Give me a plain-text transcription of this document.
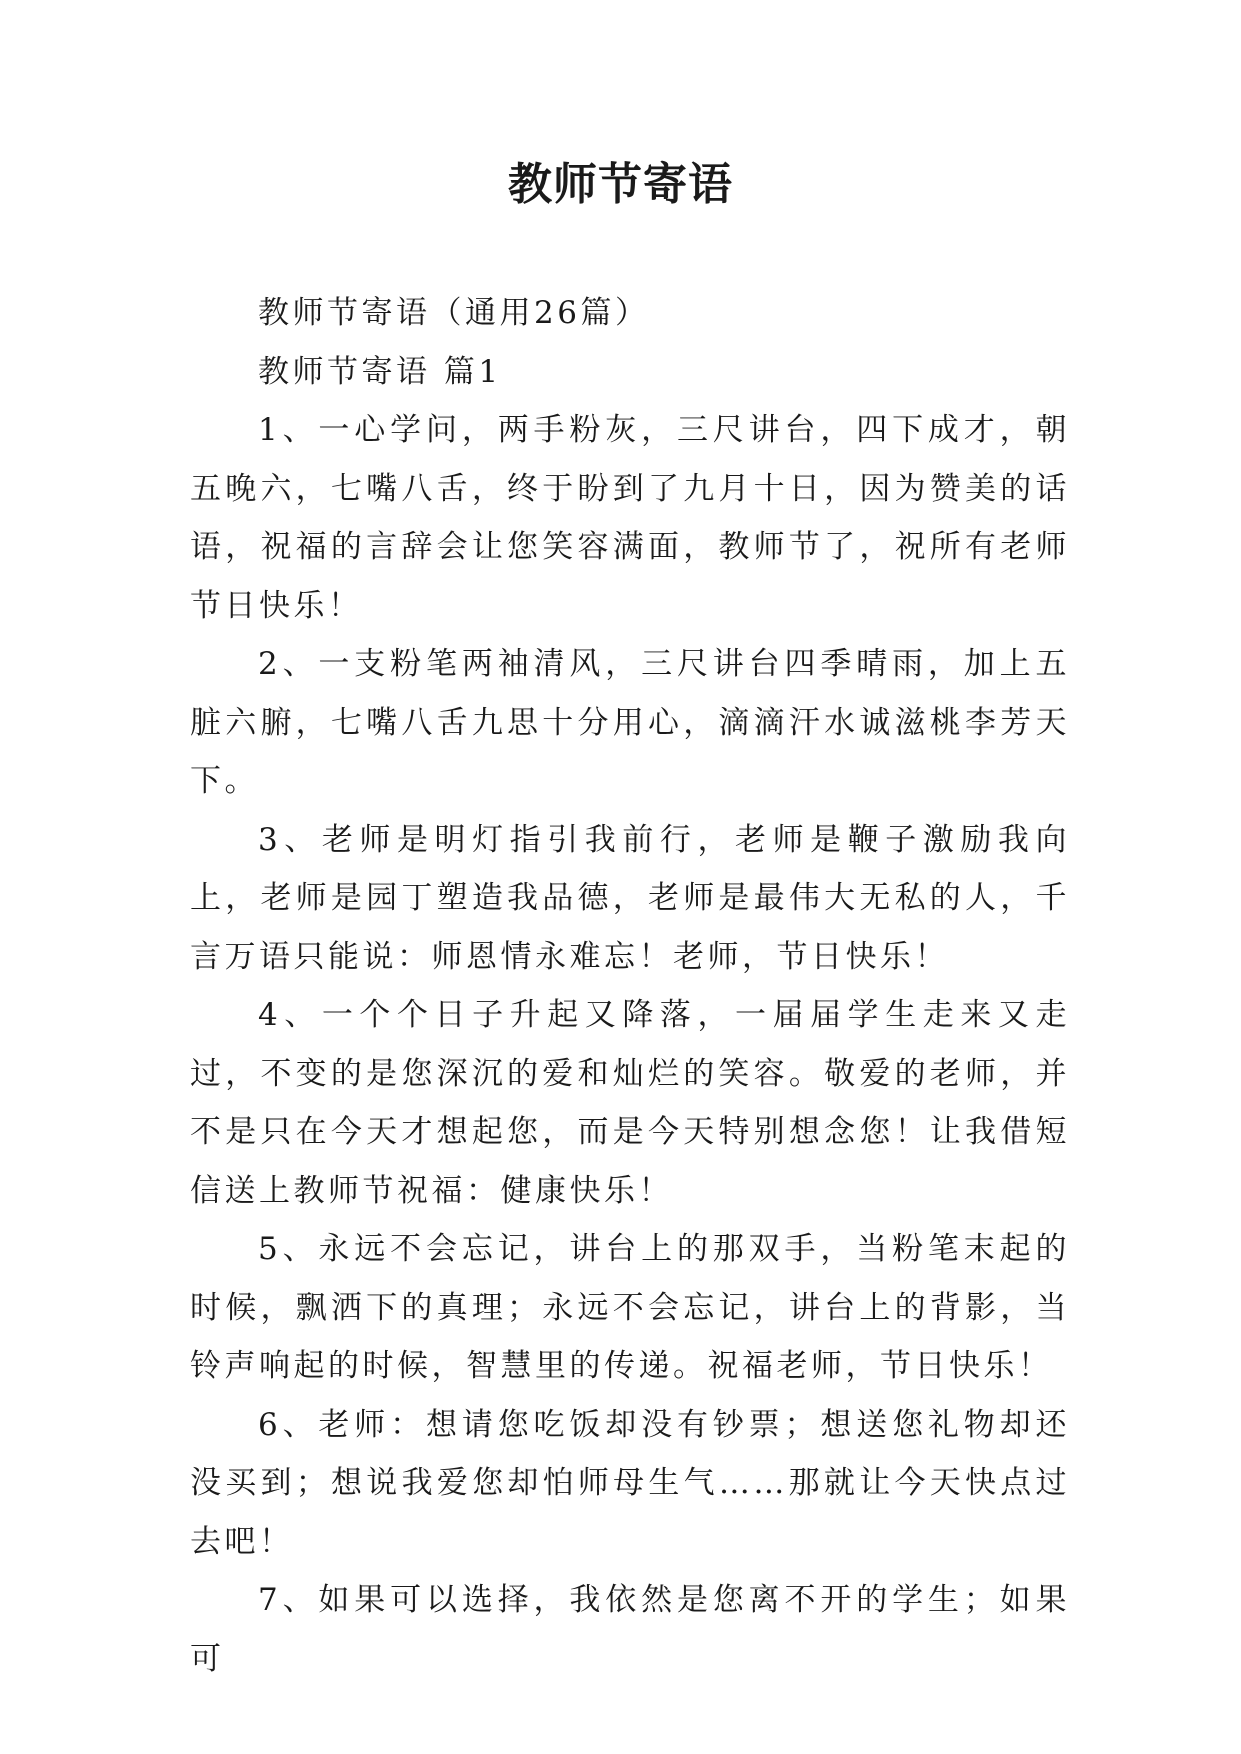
教师节寄语

教师节寄语（通用26篇）

教师节寄语 篇1

1、一心学问，两手粉灰，三尺讲台，四下成才，朝五晚六，七嘴八舌，终于盼到了九月十日，因为赞美的话语，祝福的言辞会让您笑容满面，教师节了，祝所有老师节日快乐！

2、一支粉笔两袖清风，三尺讲台四季晴雨，加上五脏六腑，七嘴八舌九思十分用心，滴滴汗水诚滋桃李芳天下。

3、老师是明灯指引我前行，老师是鞭子激励我向上，老师是园丁塑造我品德，老师是最伟大无私的人，千言万语只能说：师恩情永难忘！老师，节日快乐！

4、一个个日子升起又降落，一届届学生走来又走过，不变的是您深沉的爱和灿烂的笑容。敬爱的老师，并不是只在今天才想起您，而是今天特别想念您！让我借短信送上教师节祝福：健康快乐！

5、永远不会忘记，讲台上的那双手，当粉笔末起的时候，飘洒下的真理；永远不会忘记，讲台上的背影，当铃声响起的时候，智慧里的传递。祝福老师，节日快乐！

6、老师：想请您吃饭却没有钞票；想送您礼物却还没买到；想说我爱您却怕师母生气……那就让今天快点过去吧！

7、如果可以选择，我依然是您离不开的学生；如果可
